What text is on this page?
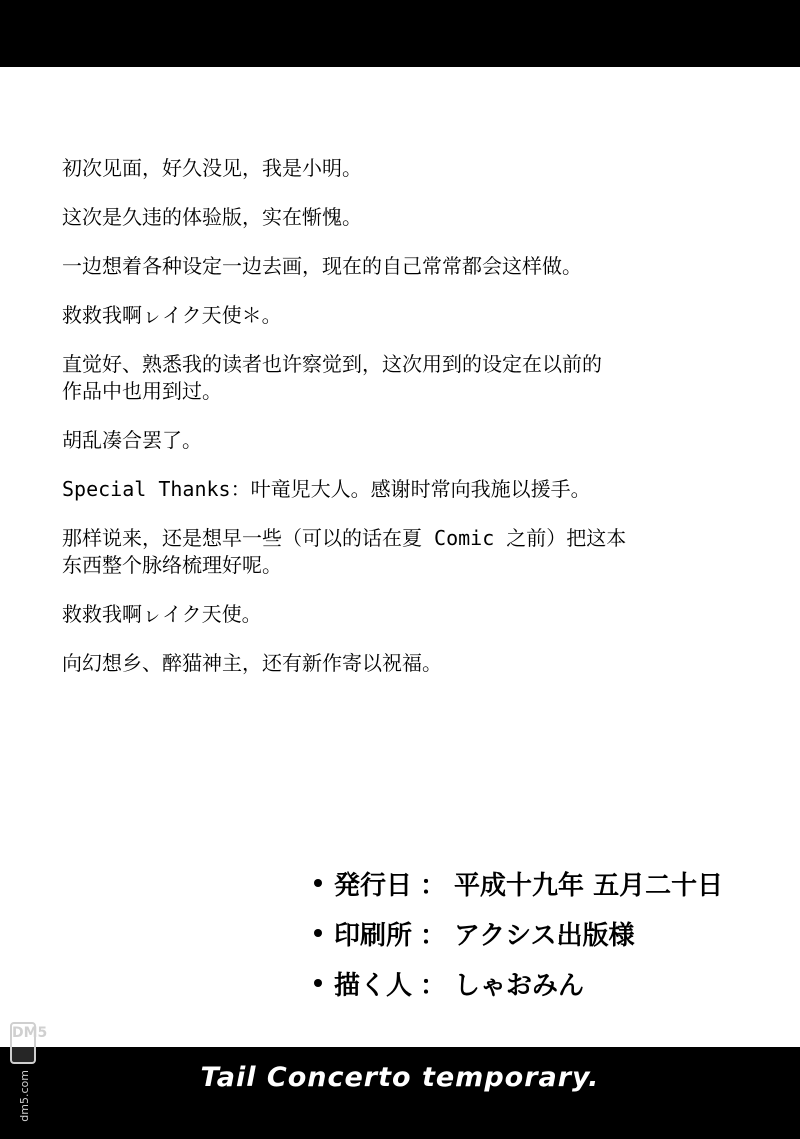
初次见面，好久没见，我是小明。

这次是久违的体验版，实在惭愧。

一边想着各种设定一边去画，现在的自己常常都会这样做。

救救我啊ㇾイク天使＊。

直觉好、熟悉我的读者也许察觉到，这次用到的设定在以前的
作品中也用到过。

胡乱凑合罢了。

Special Thanks：叶竜児大人。感谢时常向我施以援手。

那样说来，还是想早一些（可以的话在夏 Comic 之前）把这本
东西整个脉络梳理好呢。

救救我啊ㇾイク天使。

向幻想乡、醉猫神主，还有新作寄以祝福。

発行日 ： 平成十九年 五月二十日
印刷所 ： アクシス出版様
描く人 ： しゃおみん
Tail Concerto temporary.
DM5
dm5.com
